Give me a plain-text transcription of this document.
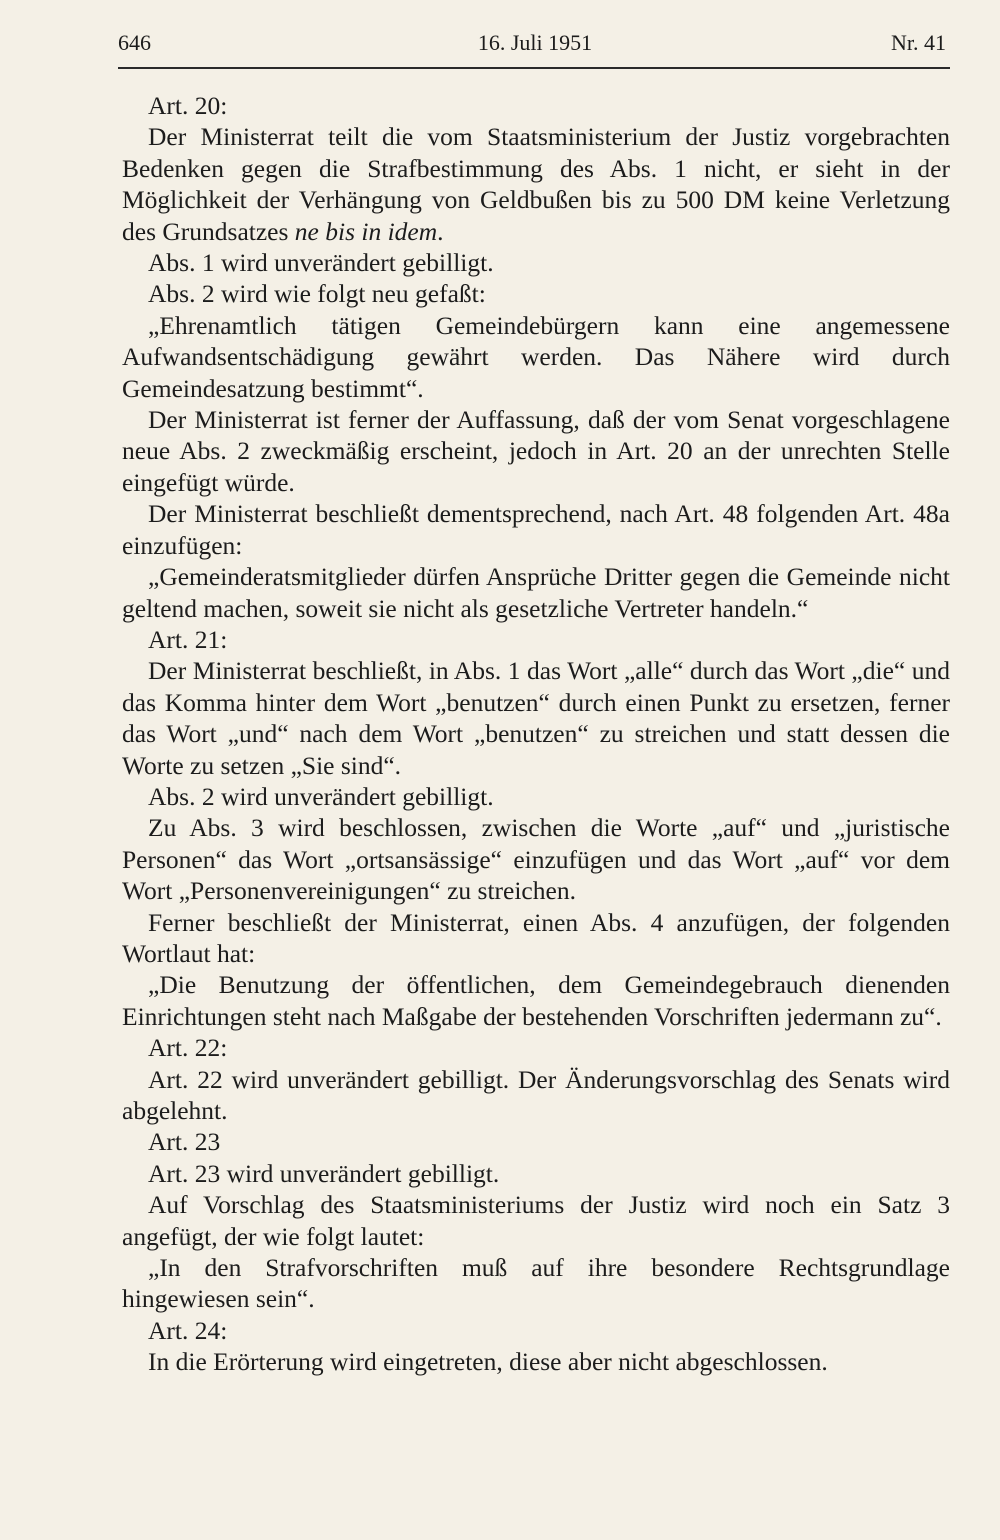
646	16. Juli 1951	Nr. 41

Art. 20:

Der Ministerrat teilt die vom Staatsministerium der Justiz vorgebrachten Bedenken gegen die Strafbestimmung des Abs. 1 nicht, er sieht in der Möglichkeit der Verhängung von Geldbußen bis zu 500 DM keine Verletzung des Grundsatzes ne bis in idem.

Abs. 1 wird unverändert gebilligt.

Abs. 2 wird wie folgt neu gefaßt:

„Ehrenamtlich tätigen Gemeindebürgern kann eine angemessene Aufwandsentschädigung gewährt werden. Das Nähere wird durch Gemeindesatzung bestimmt“.

Der Ministerrat ist ferner der Auffassung, daß der vom Senat vorgeschlagene neue Abs. 2 zweckmäßig erscheint, jedoch in Art. 20 an der unrechten Stelle eingefügt würde.

Der Ministerrat beschließt dementsprechend, nach Art. 48 folgenden Art. 48a einzufügen:

„Gemeinderatsmitglieder dürfen Ansprüche Dritter gegen die Gemeinde nicht geltend machen, soweit sie nicht als gesetzliche Vertreter handeln.“

Art. 21:

Der Ministerrat beschließt, in Abs. 1 das Wort „alle“ durch das Wort „die“ und das Komma hinter dem Wort „benutzen“ durch einen Punkt zu ersetzen, ferner das Wort „und“ nach dem Wort „benutzen“ zu streichen und statt dessen die Worte zu setzen „Sie sind“.

Abs. 2 wird unverändert gebilligt.

Zu Abs. 3 wird beschlossen, zwischen die Worte „auf“ und „juristische Personen“ das Wort „ortsansässige“ einzufügen und das Wort „auf“ vor dem Wort „Personenvereinigungen“ zu streichen.

Ferner beschließt der Ministerrat, einen Abs. 4 anzufügen, der folgenden Wortlaut hat:

„Die Benutzung der öffentlichen, dem Gemeindegebrauch dienenden Einrichtungen steht nach Maßgabe der bestehenden Vorschriften jedermann zu“.

Art. 22:

Art. 22 wird unverändert gebilligt. Der Änderungsvorschlag des Senats wird abgelehnt.

Art. 23

Art. 23 wird unverändert gebilligt.

Auf Vorschlag des Staatsministeriums der Justiz wird noch ein Satz 3 angefügt, der wie folgt lautet:

„In den Strafvorschriften muß auf ihre besondere Rechtsgrundlage hingewiesen sein“.

Art. 24:

In die Erörterung wird eingetreten, diese aber nicht abgeschlossen.
